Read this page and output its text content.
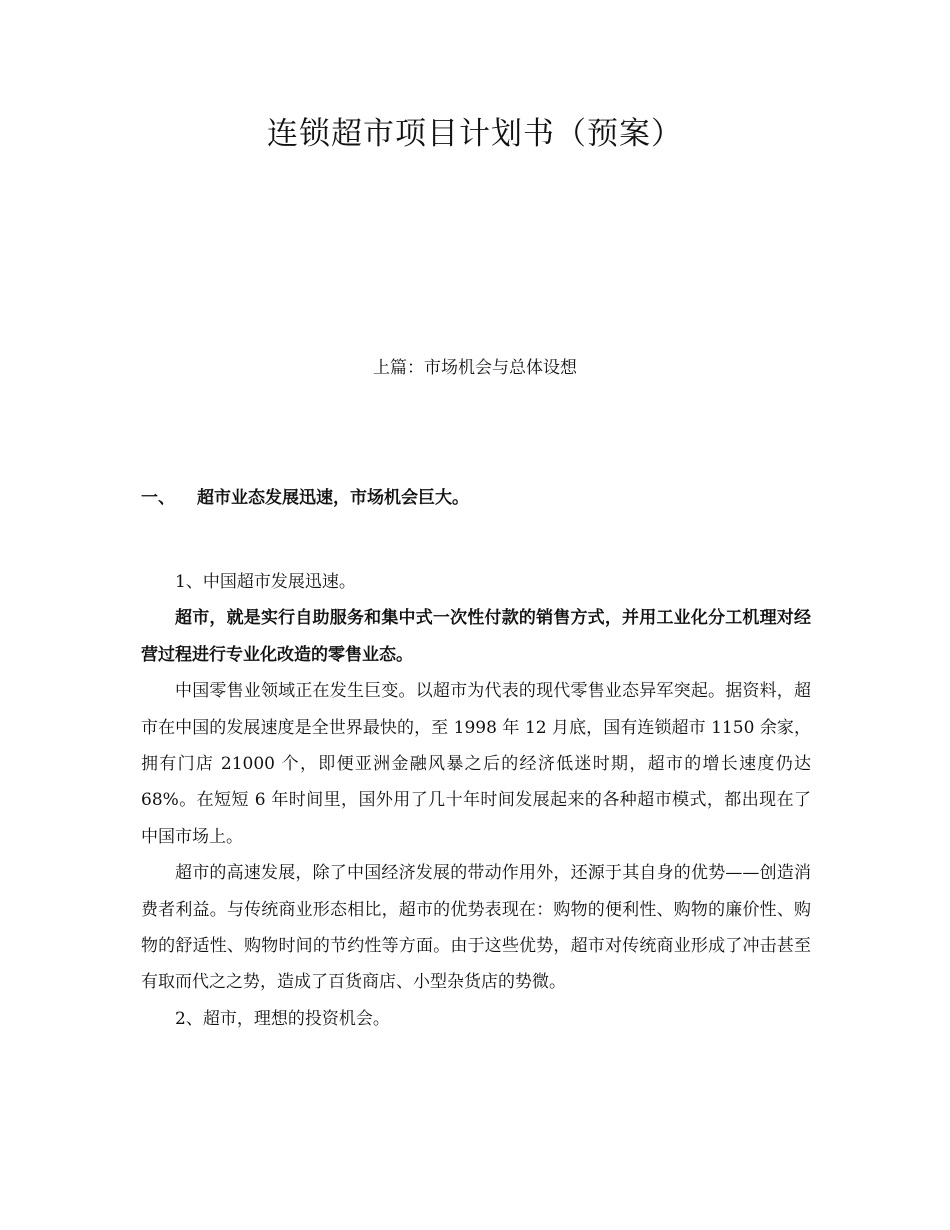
连锁超市项目计划书（预案）
上篇：市场机会与总体设想
一、 超市业态发展迅速，市场机会巨大。

1、中国超市发展迅速。

超市，就是实行自助服务和集中式一次性付款的销售方式，并用工业化分工机理对经营过程进行专业化改造的零售业态。

中国零售业领域正在发生巨变。以超市为代表的现代零售业态异军突起。据资料，超市在中国的发展速度是全世界最快的，至 1998 年 12 月底，国有连锁超市 1150 余家，拥有门店 21000 个，即便亚洲金融风暴之后的经济低迷时期，超市的增长速度仍达 68%。在短短 6 年时间里，国外用了几十年时间发展起来的各种超市模式，都出现在了中国市场上。

超市的高速发展，除了中国经济发展的带动作用外，还源于其自身的优势——创造消费者利益。与传统商业形态相比，超市的优势表现在：购物的便利性、购物的廉价性、购物的舒适性、购物时间的节约性等方面。由于这些优势，超市对传统商业形成了冲击甚至有取而代之之势，造成了百货商店、小型杂货店的势微。

2、超市，理想的投资机会。
